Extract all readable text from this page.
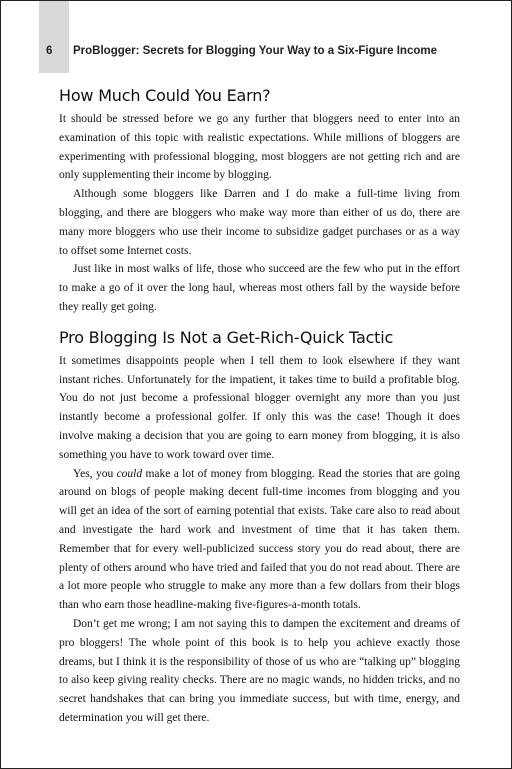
6 ProBlogger: Secrets for Blogging Your Way to a Six-Figure Income
How Much Could You Earn?

It should be stressed before we go any further that bloggers need to enter into an examination of this topic with realistic expectations. While millions of bloggers are experimenting with professional blogging, most bloggers are not getting rich and are only supplementing their income by blogging.

Although some bloggers like Darren and I do make a full-time living from blogging, and there are bloggers who make way more than either of us do, there are many more bloggers who use their income to subsidize gadget purchases or as a way to offset some Internet costs.

Just like in most walks of life, those who succeed are the few who put in the effort to make a go of it over the long haul, whereas most others fall by the wayside before they really get going.

Pro Blogging Is Not a Get-Rich-Quick Tactic

It sometimes disappoints people when I tell them to look elsewhere if they want instant riches. Unfortunately for the impatient, it takes time to build a profitable blog. You do not just become a professional blogger overnight any more than you just instantly become a professional golfer. If only this was the case! Though it does involve making a decision that you are going to earn money from blogging, it is also something you have to work toward over time.

Yes, you could make a lot of money from blogging. Read the stories that are going around on blogs of people making decent full-time incomes from blogging and you will get an idea of the sort of earning potential that exists. Take care also to read about and investigate the hard work and investment of time that it has taken them. Remember that for every well-publicized success story you do read about, there are plenty of others around who have tried and failed that you do not read about. There are a lot more people who struggle to make any more than a few dollars from their blogs than who earn those headline-making five-figures-a-month totals.

Don’t get me wrong; I am not saying this to dampen the excitement and dreams of pro bloggers! The whole point of this book is to help you achieve exactly those dreams, but I think it is the responsibility of those of us who are “talking up” blogging to also keep giving reality checks. There are no magic wands, no hidden tricks, and no secret handshakes that can bring you immediate success, but with time, energy, and determination you will get there.
